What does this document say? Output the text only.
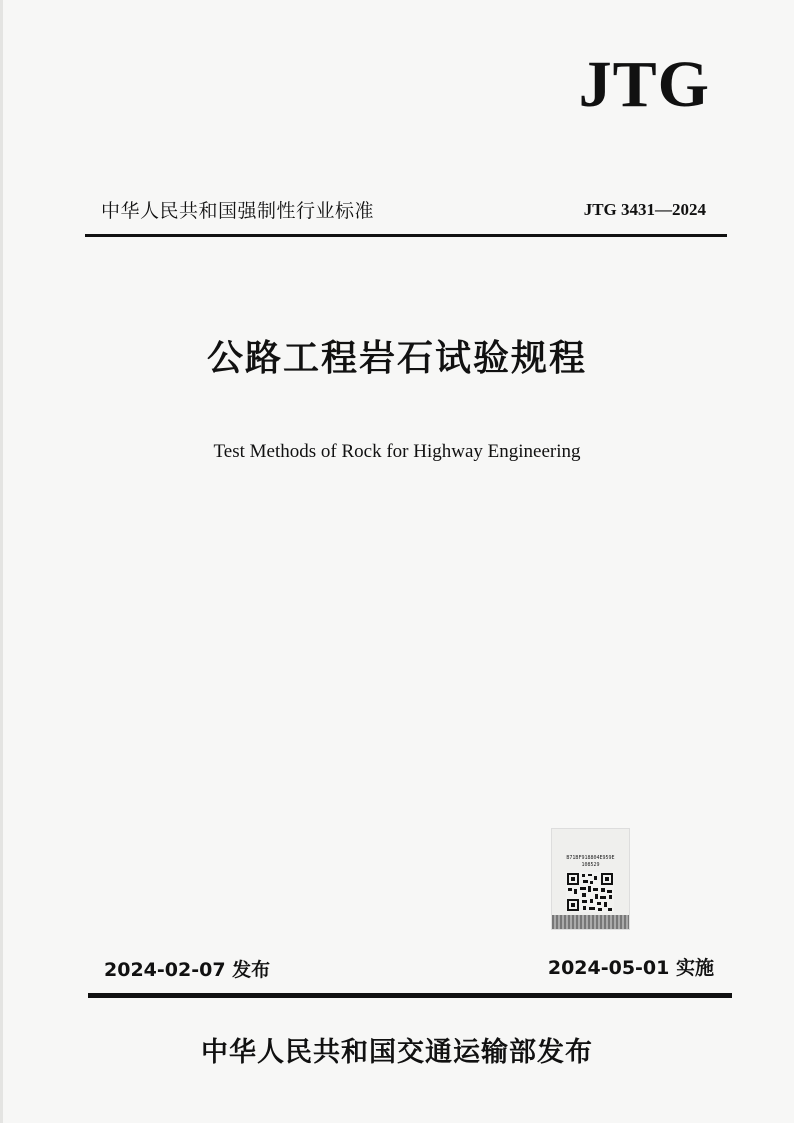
JTG
中华人民共和国强制性行业标准	JTG 3431—2024
公路工程岩石试验规程
Test Methods of Rock for Highway Engineering
B71BF918804E959E
108529
2024-02-07 发布	2024-05-01 实施
中华人民共和国交通运输部发布
